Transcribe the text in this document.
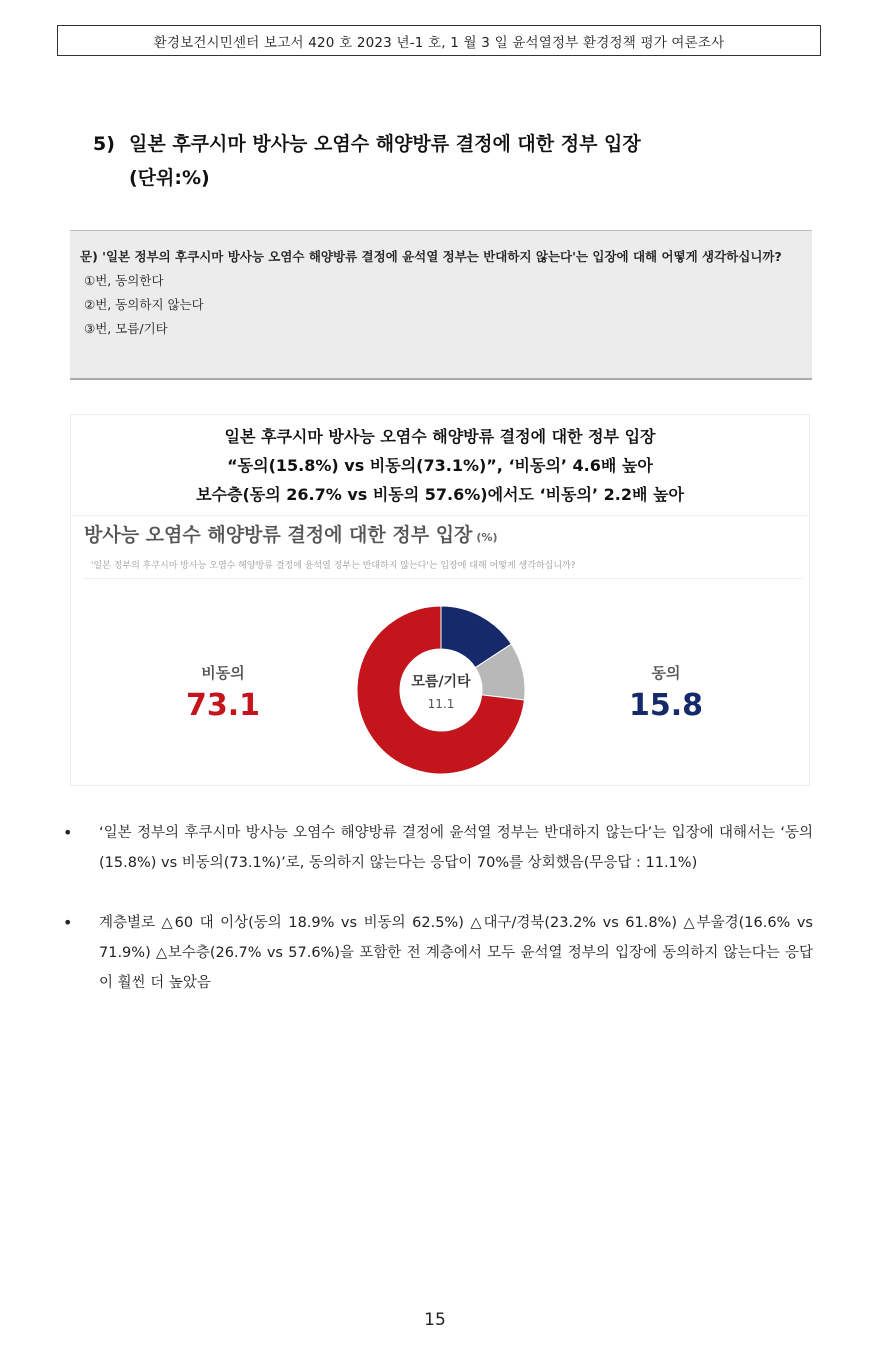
환경보건시민센터 보고서 420 호 2023 년-1 호, 1 월 3 일 윤석열정부 환경정책 평가 여론조사
5) 일본 후쿠시마 방사능 오염수 해양방류 결정에 대한 정부 입장
(단위:%)
문) '일본 정부의 후쿠시마 방사능 오염수 해양방류 결정에 윤석열 정부는 반대하지 않는다'는 입장에 대해 어떻게 생각하십니까?
①번, 동의한다
②번, 동의하지 않는다
③번, 모름/기타
일본 후쿠시마 방사능 오염수 해양방류 결정에 대한 정부 입장
“동의(15.8%) vs 비동의(73.1%)”, ‘비동의’ 4.6배 높아
보수층(동의 26.7% vs 비동의 57.6%)에서도 ‘비동의’ 2.2배 높아
방사능 오염수 해양방류 결정에 대한 정부 입장 (%)
'일본 정부의 후쿠시마 방사능 오염수 해양방류 결정에 윤석열 정부는 반대하지 않는다'는 입장에 대해 어떻게 생각하십니까?
모름/기타
11.1
비동의
73.1
동의
15.8
•	‘일본 정부의 후쿠시마 방사능 오염수 해양방류 결정에 윤석열 정부는 반대하지 않는다’는 입장에 대해서는 ‘동의(15.8%) vs 비동의(73.1%)’로, 동의하지 않는다는 응답이 70%를 상회했음(무응답 : 11.1%)
•	계층별로 △60 대 이상(동의 18.9% vs 비동의 62.5%) △대구/경북(23.2% vs 61.8%) △부울경(16.6% vs 71.9%) △보수층(26.7% vs 57.6%)을 포함한 전 계층에서 모두 윤석열 정부의 입장에 동의하지 않는다는 응답이 훨씬 더 높았음
15
